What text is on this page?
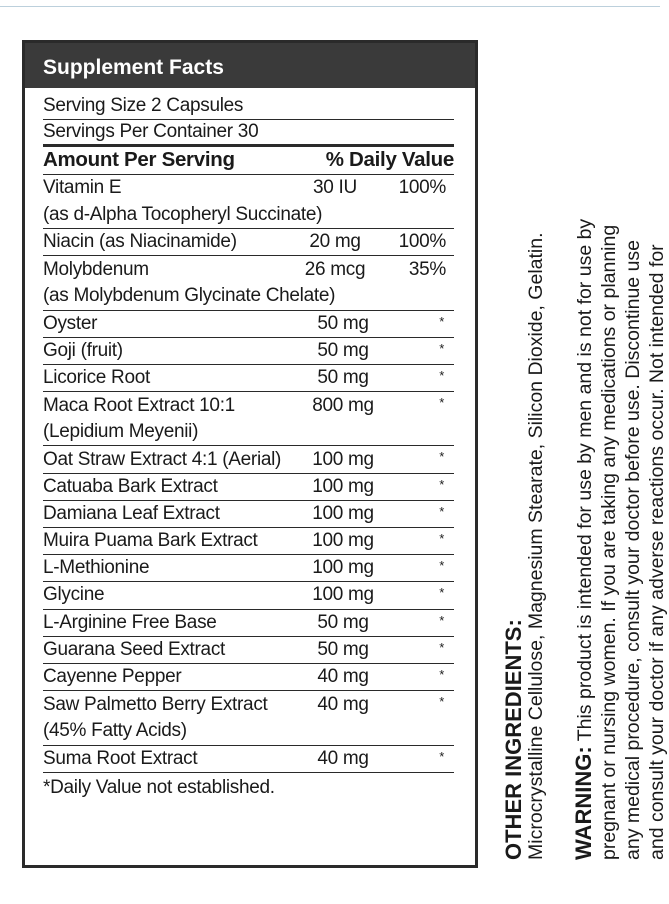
Supplement Facts
Serving Size 2 Capsules
Servings Per Container 30
Amount Per Serving	% Daily Value
Vitamin E	30 IU	100%
(as d-Alpha Tocopheryl Succinate)
Niacin (as Niacinamide)	20 mg	100%
Molybdenum	26 mcg	35%
(as Molybdenum Glycinate Chelate)
Oyster	50 mg	*
Goji (fruit)	50 mg	*
Licorice Root	50 mg	*
Maca Root Extract 10:1	800 mg	*
(Lepidium Meyenii)
Oat Straw Extract 4:1 (Aerial)	100 mg	*
Catuaba Bark Extract	100 mg	*
Damiana Leaf Extract	100 mg	*
Muira Puama Bark Extract	100 mg	*
L-Methionine	100 mg	*
Glycine	100 mg	*
L-Arginine Free Base	50 mg	*
Guarana Seed Extract	50 mg	*
Cayenne Pepper	40 mg	*
Saw Palmetto Berry Extract	40 mg	*
(45% Fatty Acids)
Suma Root Extract	40 mg	*
*Daily Value not established.	OTHER INGREDIENTS: Microcrystalline Cellulose, Magnesium Stearate, Silicon Dioxide, Gelatin. WARNING: This product is intended for use by men and is not for use by pregnant or nursing women. If you are taking any medications or planning any medical procedure, consult your doctor before use. Discontinue use and consult your doctor if any adverse reactions occur. Not intended for
